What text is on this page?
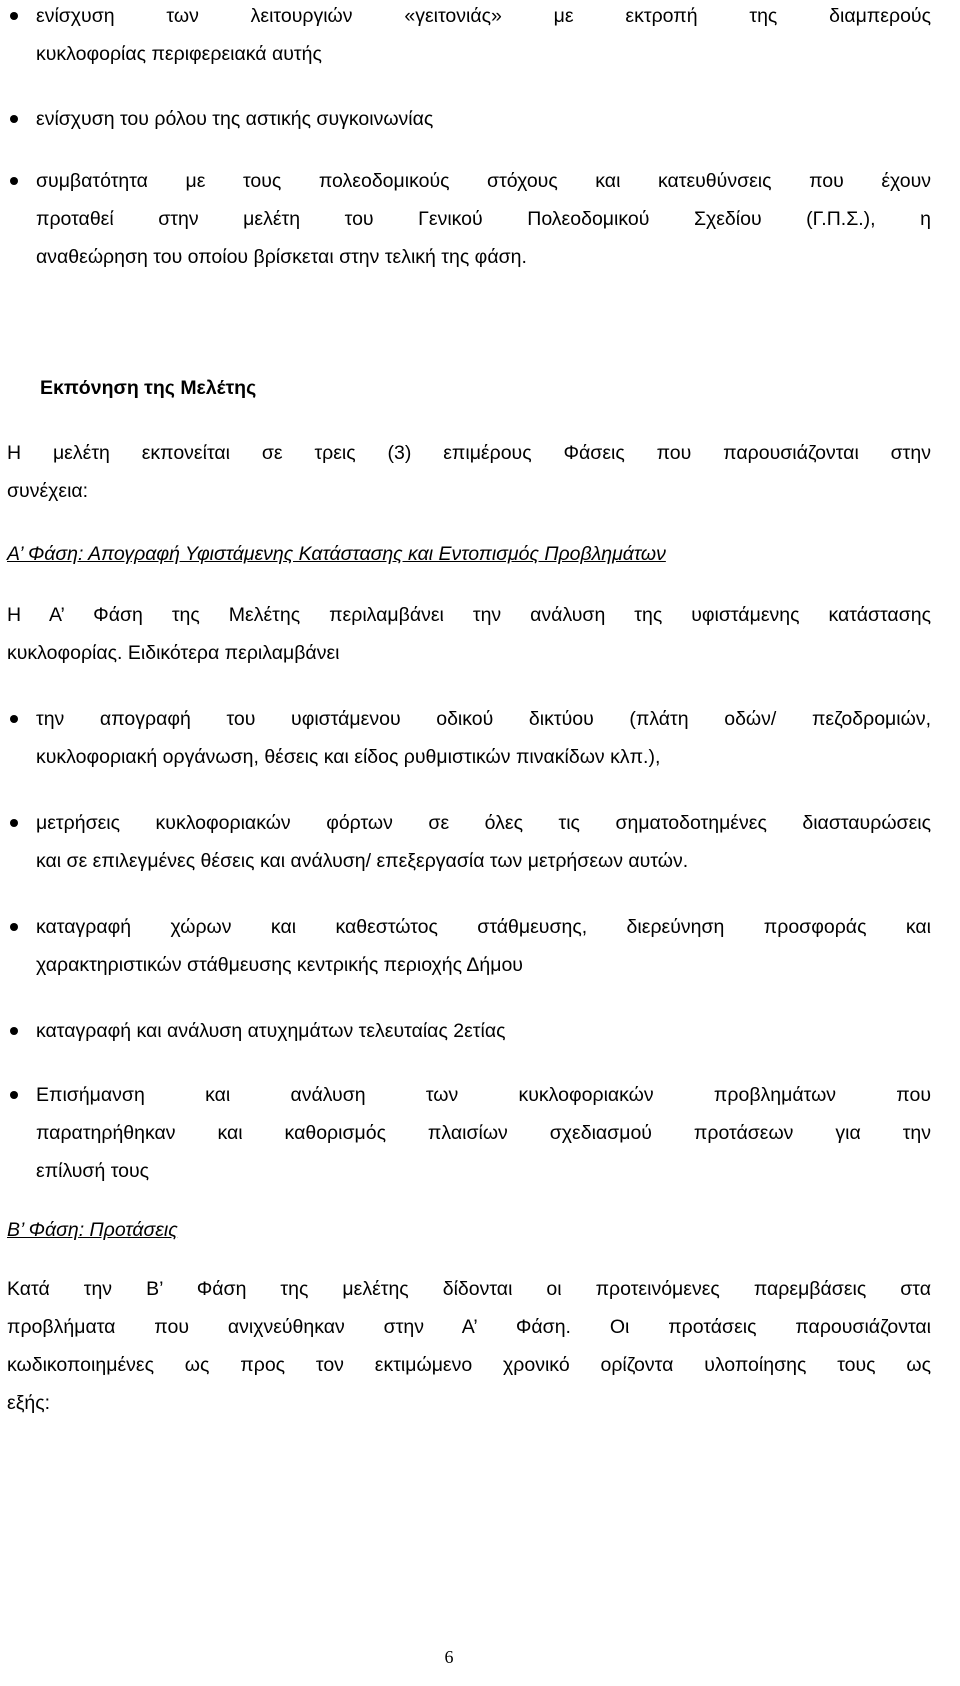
ενίσχυση των λειτουργιών «γειτονιάς» με εκτροπή της διαμπερούς
κυκλοφορίας περιφερειακά αυτής
ενίσχυση του ρόλου της αστικής συγκοινωνίας
συμβατότητα με τους πολεοδομικούς στόχους και κατευθύνσεις που έχουν
προταθεί στην μελέτη του Γενικού Πολεοδομικού Σχεδίου (Γ.Π.Σ.), η
αναθεώρηση του οποίου βρίσκεται στην τελική της φάση.
Εκπόνηση της Μελέτης
Η μελέτη εκπονείται σε τρεις (3) επιμέρους Φάσεις που παρουσιάζονται στην
συνέχεια:
Α’ Φάση: Απογραφή Υφιστάμενης Κατάστασης και Εντοπισμός Προβλημάτων
Η Α’ Φάση της Μελέτης περιλαμβάνει την ανάλυση της υφιστάμενης κατάστασης
κυκλοφορίας. Ειδικότερα περιλαμβάνει
την απογραφή του υφιστάμενου οδικού δικτύου (πλάτη οδών/ πεζοδρομιών,
κυκλοφοριακή οργάνωση, θέσεις και είδος ρυθμιστικών πινακίδων κλπ.),
μετρήσεις κυκλοφοριακών φόρτων σε όλες τις σηματοδοτημένες διασταυρώσεις
και σε επιλεγμένες θέσεις και ανάλυση/ επεξεργασία των μετρήσεων αυτών.
καταγραφή χώρων και καθεστώτος στάθμευσης, διερεύνηση προσφοράς και
χαρακτηριστικών στάθμευσης κεντρικής περιοχής Δήμου
καταγραφή και ανάλυση ατυχημάτων τελευταίας 2ετίας
Επισήμανση και ανάλυση των κυκλοφοριακών προβλημάτων που
παρατηρήθηκαν και καθορισμός πλαισίων σχεδιασμού προτάσεων για την
επίλυσή τους
Β’ Φάση: Προτάσεις
Κατά την Β’ Φάση της μελέτης δίδονται οι προτεινόμενες παρεμβάσεις στα
προβλήματα που ανιχνεύθηκαν στην Α’ Φάση. Οι προτάσεις παρουσιάζονται
κωδικοποιημένες ως προς τον εκτιμώμενο χρονικό ορίζοντα υλοποίησης τους ως
εξής:
6
